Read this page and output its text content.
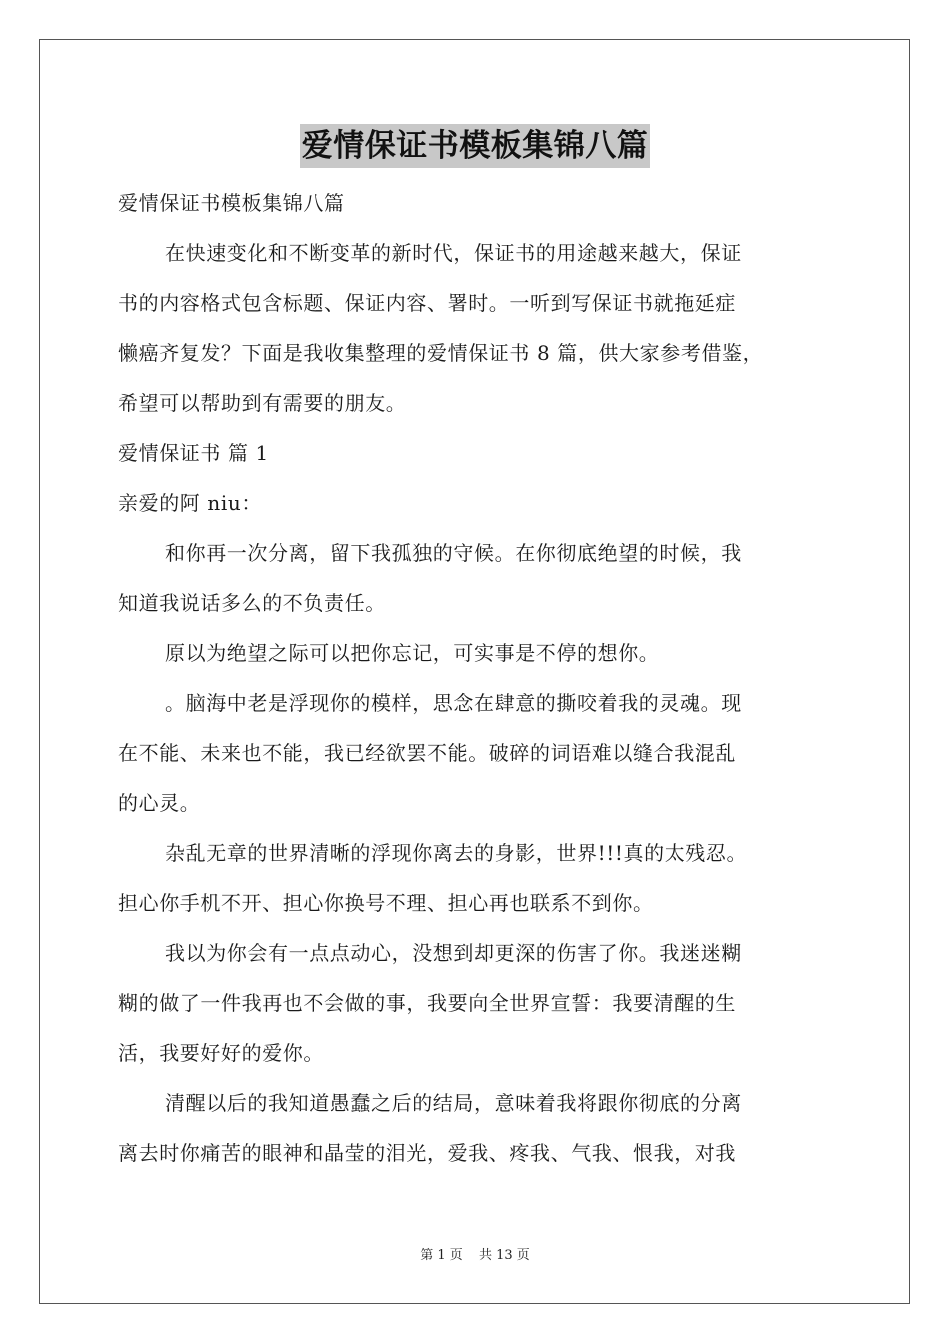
爱情保证书模板集锦八篇
爱情保证书模板集锦八篇
在快速变化和不断变革的新时代，保证书的用途越来越大，保证
书的内容格式包含标题、保证内容、署时。一听到写保证书就拖延症
懒癌齐复发？下面是我收集整理的爱情保证书 8 篇，供大家参考借鉴，
希望可以帮助到有需要的朋友。
爱情保证书 篇 1
亲爱的阿 niu：
和你再一次分离，留下我孤独的守候。在你彻底绝望的时候，我
知道我说话多么的不负责任。
原以为绝望之际可以把你忘记，可实事是不停的想你。
。脑海中老是浮现你的模样，思念在肆意的撕咬着我的灵魂。现
在不能、未来也不能，我已经欲罢不能。破碎的词语难以缝合我混乱
的心灵。
杂乱无章的世界清晰的浮现你离去的身影，世界!!!真的太残忍。
担心你手机不开、担心你换号不理、担心再也联系不到你。
我以为你会有一点点动心，没想到却更深的伤害了你。我迷迷糊
糊的做了一件我再也不会做的事，我要向全世界宣誓：我要清醒的生
活，我要好好的爱你。
清醒以后的我知道愚蠢之后的结局，意味着我将跟你彻底的分离
离去时你痛苦的眼神和晶莹的泪光，爱我、疼我、气我、恨我，对我
第 1 页 共 13 页
